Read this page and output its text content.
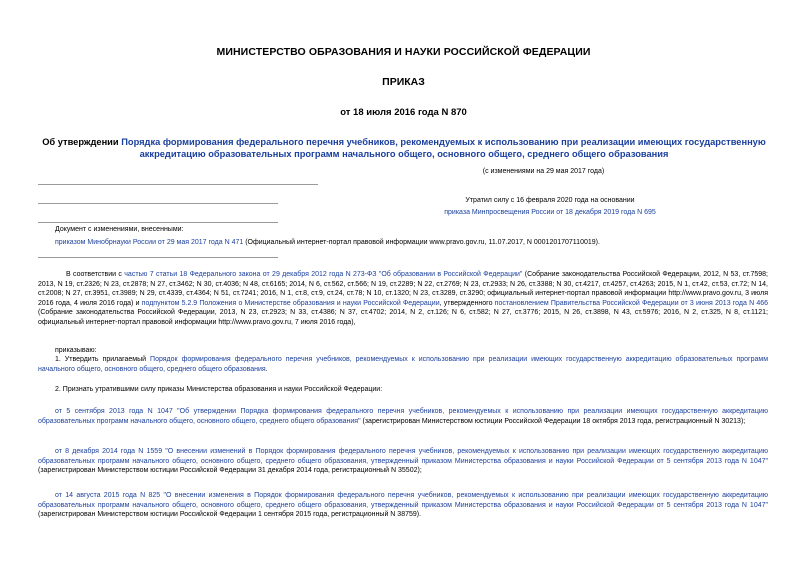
МИНИСТЕРСТВО ОБРАЗОВАНИЯ И НАУКИ РОССИЙСКОЙ ФЕДЕРАЦИИ
ПРИКАЗ
от 18 июля 2016 года N 870
Об утверждении Порядка формирования федерального перечня учебников, рекомендуемых к использованию при реализации имеющих государственную аккредитацию образовательных программ начального общего, основного общего, среднего общего образования
(с изменениями на 29 мая 2017 года)
Утратил силу с 16 февраля 2020 года на основании
приказа Минпросвещения России от 18 декабря 2019 года N 695
Документ с изменениями, внесенными:
приказом Минобрнауки России от 29 мая 2017 года N 471 (Официальный интернет-портал правовой информации www.pravo.gov.ru, 11.07.2017, N 0001201707110019).
В соответствии с частью 7 статьи 18 Федерального закона от 29 декабря 2012 года N 273-ФЗ "Об образовании в Российской Федерации" (Собрание законодательства Российской Федерации, 2012, N 53, ст.7598; 2013, N 19, ст.2326; N 23, ст.2878; N 27, ст.3462; N 30, ст.4036; N 48, ст.6165; 2014, N 6, ст.562, ст.566; N 19, ст.2289; N 22, ст.2769; N 23, ст.2933; N 26, ст.3388; N 30, ст.4217, ст.4257, ст.4263; 2015, N 1, ст.42, ст.53, ст.72; N 14, ст.2008; N 27, ст.3951, ст.3989; N 29, ст.4339, ст.4364; N 51, ст.7241; 2016, N 1, ст.8, ст.9, ст.24, ст.78; N 10, ст.1320; N 23, ст.3289, ст.3290; официальный интернет-портал правовой информации http://www.pravo.gov.ru, 3 июля 2016 года, 4 июля 2016 года) и подпунктом 5.2.9 Положения о Министерстве образования и науки Российской Федерации, утвержденного постановлением Правительства Российской Федерации от 3 июня 2013 года N 466 (Собрание законодательства Российской Федерации, 2013, N 23, ст.2923; N 33, ст.4386; N 37, ст.4702; 2014, N 2, ст.126; N 6, ст.582; N 27, ст.3776; 2015, N 26, ст.3898, N 43, ст.5976; 2016, N 2, ст.325, N 8, ст.1121; официальный интернет-портал правовой информации http://www.pravo.gov.ru, 7 июля 2016 года),
приказываю:
1. Утвердить прилагаемый Порядок формирования федерального перечня учебников, рекомендуемых к использованию при реализации имеющих государственную аккредитацию образовательных программ начального общего, основного общего, среднего общего образования.
2. Признать утратившими силу приказы Министерства образования и науки Российской Федерации:
от 5 сентября 2013 года N 1047 "Об утверждении Порядка формирования федерального перечня учебников, рекомендуемых к использованию при реализации имеющих государственную аккредитацию образовательных программ начального общего, основного общего, среднего общего образования" (зарегистрирован Министерством юстиции Российской Федерации 18 октября 2013 года, регистрационный N 30213);
от 8 декабря 2014 года N 1559 "О внесении изменений в Порядок формирования федерального перечня учебников, рекомендуемых к использованию при реализации имеющих государственную аккредитацию образовательных программ начального общего, основного общего, среднего общего образования, утвержденный приказом Министерства образования и науки Российской Федерации от 5 сентября 2013 года N 1047" (зарегистрирован Министерством юстиции Российской Федерации 31 декабря 2014 года, регистрационный N 35502);
от 14 августа 2015 года N 825 "О внесении изменения в Порядок формирования федерального перечня учебников, рекомендуемых к использованию при реализации имеющих государственную аккредитацию образовательных программ начального общего, основного общего, среднего общего образования, утвержденный приказом Министерства образования и науки Российской Федерации от 5 сентября 2013 года N 1047" (зарегистрирован Министерством юстиции Российской Федерации 1 сентября 2015 года, регистрационный N 38759).
